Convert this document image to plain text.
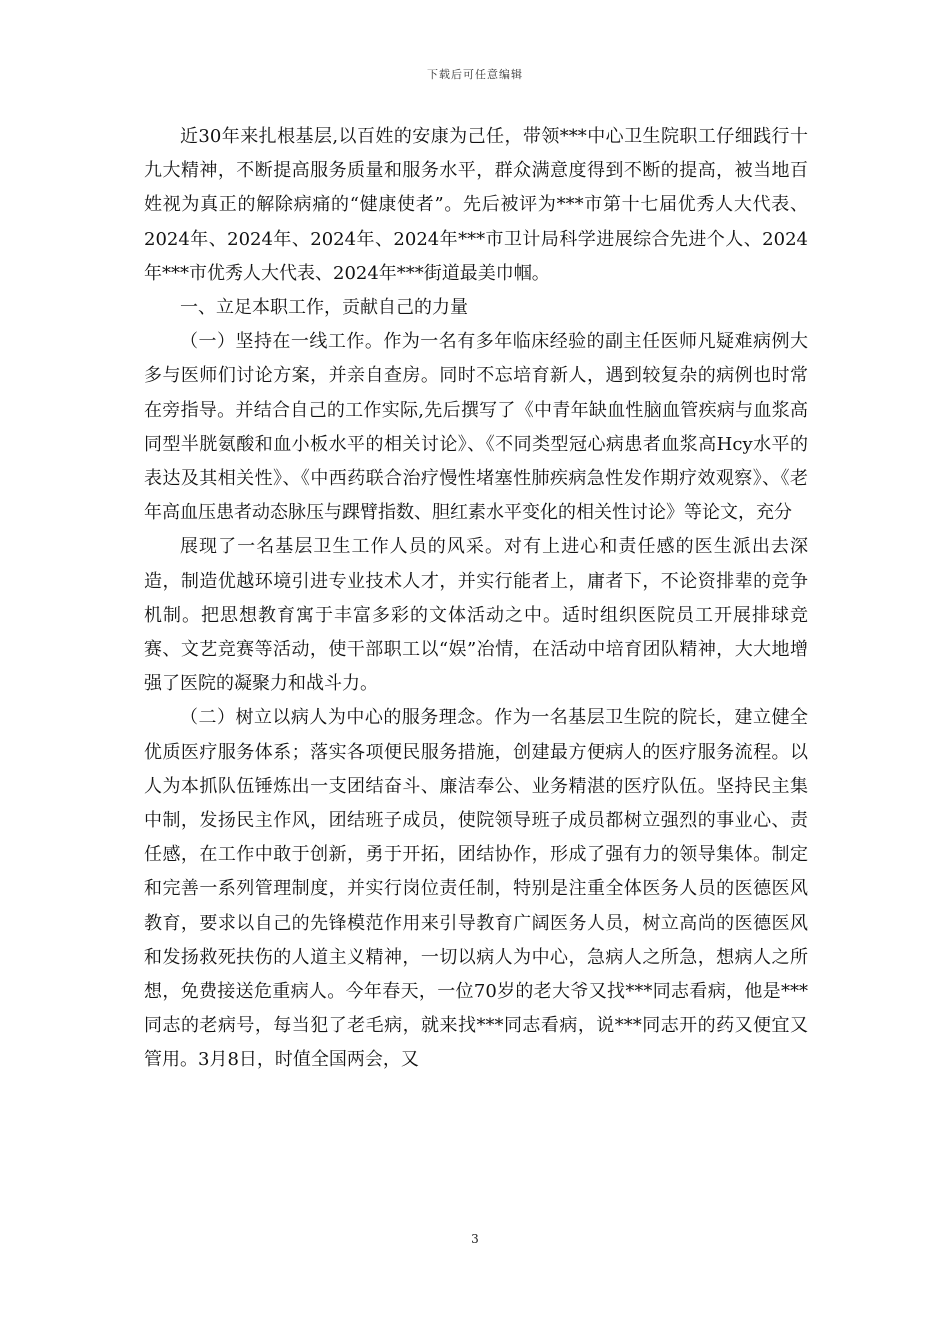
下载后可任意编辑

近30年来扎根基层,以百姓的安康为己任，带领***中心卫生院职工仔细践行十九大精神，不断提高服务质量和服务水平，群众满意度得到不断的提高，被当地百姓视为真正的解除病痛的“健康使者”。先后被评为***市第十七届优秀人大代表、2024年、2024年、2024年、2024年***市卫计局科学进展综合先进个人、2024年***市优秀人大代表、2024年***街道最美巾帼。

一、立足本职工作，贡献自己的力量

（一）坚持在一线工作。作为一名有多年临床经验的副主任医师凡疑难病例大多与医师们讨论方案，并亲自查房。同时不忘培育新人，遇到较复杂的病例也时常在旁指导。并结合自己的工作实际,先后撰写了《中青年缺血性脑血管疾病与血浆高同型半胱氨酸和血小板水平的相关讨论》、《不同类型冠心病患者血浆高Hcy水平的表达及其相关性》、《中西药联合治疗慢性堵塞性肺疾病急性发作期疗效观察》、《老年高血压患者动态脉压与踝臂指数、胆红素水平变化的相关性讨论》等论文，充分

展现了一名基层卫生工作人员的风采。对有上进心和责任感的医生派出去深造，制造优越环境引进专业技术人才，并实行能者上，庸者下，不论资排辈的竞争机制。把思想教育寓于丰富多彩的文体活动之中。适时组织医院员工开展排球竞赛、文艺竞赛等活动，使干部职工以“娱”冶情，在活动中培育团队精神，大大地增强了医院的凝聚力和战斗力。

（二）树立以病人为中心的服务理念。作为一名基层卫生院的院长，建立健全优质医疗服务体系；落实各项便民服务措施，创建最方便病人的医疗服务流程。以人为本抓队伍锤炼出一支团结奋斗、廉洁奉公、业务精湛的医疗队伍。坚持民主集中制，发扬民主作风，团结班子成员，使院领导班子成员都树立强烈的事业心、责任感，在工作中敢于创新，勇于开拓，团结协作，形成了强有力的领导集体。制定和完善一系列管理制度，并实行岗位责任制，特别是注重全体医务人员的医德医风教育，要求以自己的先锋模范作用来引导教育广阔医务人员，树立高尚的医德医风和发扬救死扶伤的人道主义精神，一切以病人为中心，急病人之所急，想病人之所想，免费接送危重病人。今年春天，一位70岁的老大爷又找***同志看病，他是***同志的老病号，每当犯了老毛病，就来找***同志看病，说***同志开的药又便宜又管用。3月8日，时值全国两会，又

3
